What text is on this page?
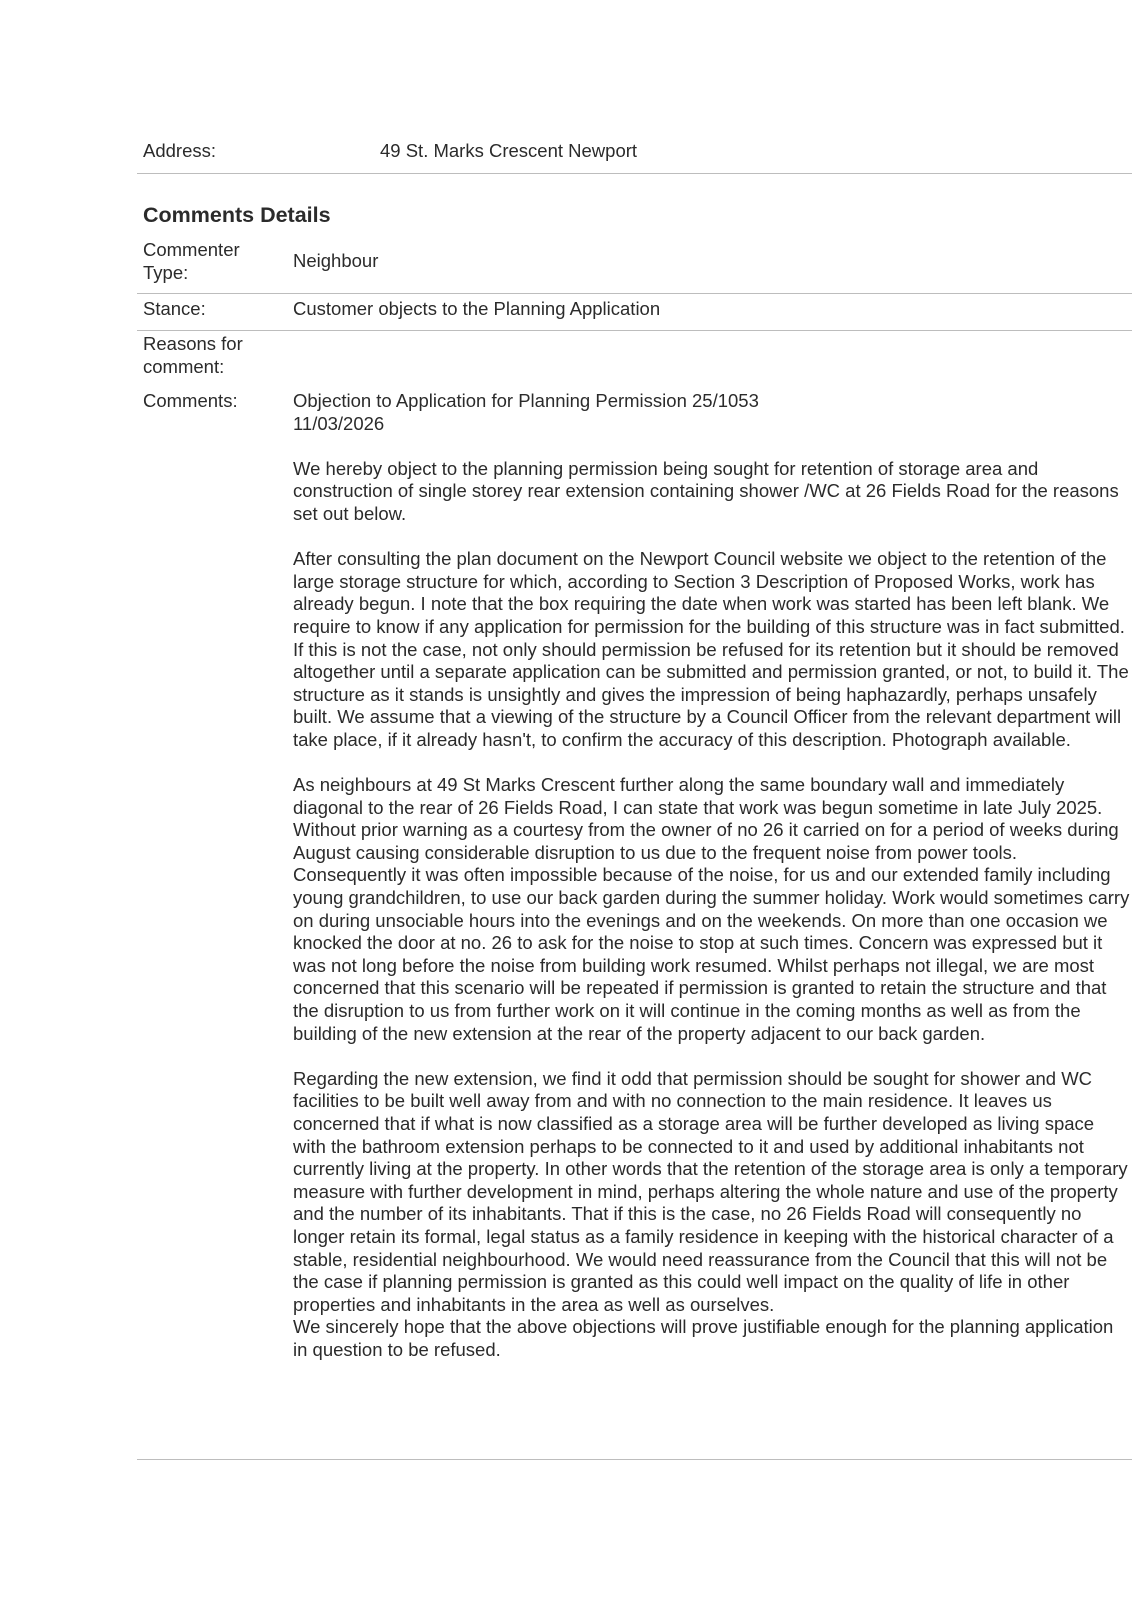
Address:	49 St. Marks Crescent Newport
Comments Details
Commenter Type:
Neighbour
Stance:	Customer objects to the Planning Application
Reasons for comment:
Comments:	Objection to Application for Planning Permission 25/1053 11/03/2026

We hereby object to the planning permission being sought for retention of storage area and construction of single storey rear extension containing shower /WC at 26 Fields Road for the reasons set out below.

After consulting the plan document on the Newport Council website we object to the retention of the large storage structure for which, according to Section 3 Description of Proposed Works, work has already begun. I note that the box requiring the date when work was started has been left blank. We require to know if any application for permission for the building of this structure was in fact submitted. If this is not the case, not only should permission be refused for its retention but it should be removed altogether until a separate application can be submitted and permission granted, or not, to build it. The structure as it stands is unsightly and gives the impression of being haphazardly, perhaps unsafely built. We assume that a viewing of the structure by a Council Officer from the relevant department will take place, if it already hasn't, to confirm the accuracy of this description. Photograph available.

As neighbours at 49 St Marks Crescent further along the same boundary wall and immediately diagonal to the rear of 26 Fields Road, I can state that work was begun sometime in late July 2025. Without prior warning as a courtesy from the owner of no 26 it carried on for a period of weeks during August causing considerable disruption to us due to the frequent noise from power tools. Consequently it was often impossible because of the noise, for us and our extended family including young grandchildren, to use our back garden during the summer holiday. Work would sometimes carry on during unsociable hours into the evenings and on the weekends. On more than one occasion we knocked the door at no. 26 to ask for the noise to stop at such times. Concern was expressed but it was not long before the noise from building work resumed. Whilst perhaps not illegal, we are most concerned that this scenario will be repeated if permission is granted to retain the structure and that the disruption to us from further work on it will continue in the coming months as well as from the building of the new extension at the rear of the property adjacent to our back garden.

Regarding the new extension, we find it odd that permission should be sought for shower and WC facilities to be built well away from and with no connection to the main residence. It leaves us concerned that if what is now classified as a storage area will be further developed as living space with the bathroom extension perhaps to be connected to it and used by additional inhabitants not currently living at the property. In other words that the retention of the storage area is only a temporary measure with further development in mind, perhaps altering the whole nature and use of the property and the number of its inhabitants. That if this is the case, no 26 Fields Road will consequently no longer retain its formal, legal status as a family residence in keeping with the historical character of a stable, residential neighbourhood. We would need reassurance from the Council that this will not be the case if planning permission is granted as this could well impact on the quality of life in other properties and inhabitants in the area as well as ourselves.

We sincerely hope that the above objections will prove justifiable enough for the planning application in question to be refused.
